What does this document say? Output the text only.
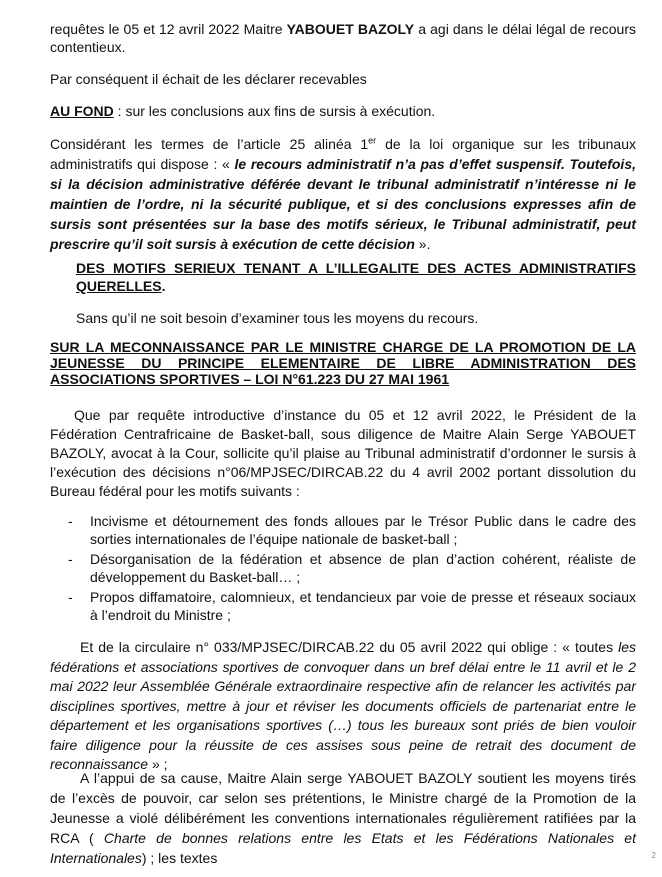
requêtes le 05 et 12 avril 2022 Maitre YABOUET BAZOLY a agi dans le délai légal de recours contentieux.

Par conséquent il échait de les déclarer recevables

AU FOND : sur les conclusions aux fins de sursis à exécution.

Considérant les termes de l’article 25 alinéa 1er de la loi organique sur les tribunaux administratifs qui dispose : « le recours administratif n’a pas d’effet suspensif. Toutefois, si la décision administrative déférée devant le tribunal administratif n’intéresse ni le maintien de l’ordre, ni la sécurité publique, et si des conclusions expresses afin de sursis sont présentées sur la base des motifs sérieux, le Tribunal administratif, peut prescrire qu’il soit sursis à exécution de cette décision ».

DES MOTIFS SERIEUX TENANT A L’ILLEGALITE DES ACTES ADMINISTRATIFS QUERELLES.

Sans qu’il ne soit besoin d’examiner tous les moyens du recours.

SUR LA MECONNAISSANCE PAR LE MINISTRE CHARGE DE LA PROMOTION DE LA JEUNESSE DU PRINCIPE ELEMENTAIRE DE LIBRE ADMINISTRATION DES ASSOCIATIONS SPORTIVES – LOI N°61.223 DU 27 MAI 1961

Que par requête introductive d’instance du 05 et 12 avril 2022, le Président de la Fédération Centrafricaine de Basket-ball, sous diligence de Maitre Alain Serge YABOUET BAZOLY, avocat à la Cour, sollicite qu’il plaise au Tribunal administratif d’ordonner le sursis à l’exécution des décisions n°06/MPJSEC/DIRCAB.22 du 4 avril 2002 portant dissolution du Bureau fédéral pour les motifs suivants :

- Incivisme et détournement des fonds alloues par le Trésor Public dans le cadre des sorties internationales de l’équipe nationale de basket-ball ;
- Désorganisation de la fédération et absence de plan d’action cohérent, réaliste de développement du Basket-ball… ;
- Propos diffamatoire, calomnieux, et tendancieux par voie de presse et réseaux sociaux à l’endroit du Ministre ;

Et de la circulaire n° 033/MPJSEC/DIRCAB.22 du 05 avril 2022 qui oblige : « toutes les fédérations et associations sportives de convoquer dans un bref délai entre le 11 avril et le 2 mai 2022 leur Assemblée Générale extraordinaire respective afin de relancer les activités par disciplines sportives, mettre à jour et réviser les documents officiels de partenariat entre le département et les organisations sportives (…) tous les bureaux sont priés de bien vouloir faire diligence pour la réussite de ces assises sous peine de retrait des document de reconnaissance » ;

A l’appui de sa cause, Maitre Alain serge YABOUET BAZOLY soutient les moyens tirés de l’excès de pouvoir, car selon ses prétentions, le Ministre chargé de la Promotion de la Jeunesse a violé délibérément les conventions internationales régulièrement ratifiées par la RCA ( Charte de bonnes relations entre les Etats et les Fédérations Nationales et Internationales) ; les textes	2
